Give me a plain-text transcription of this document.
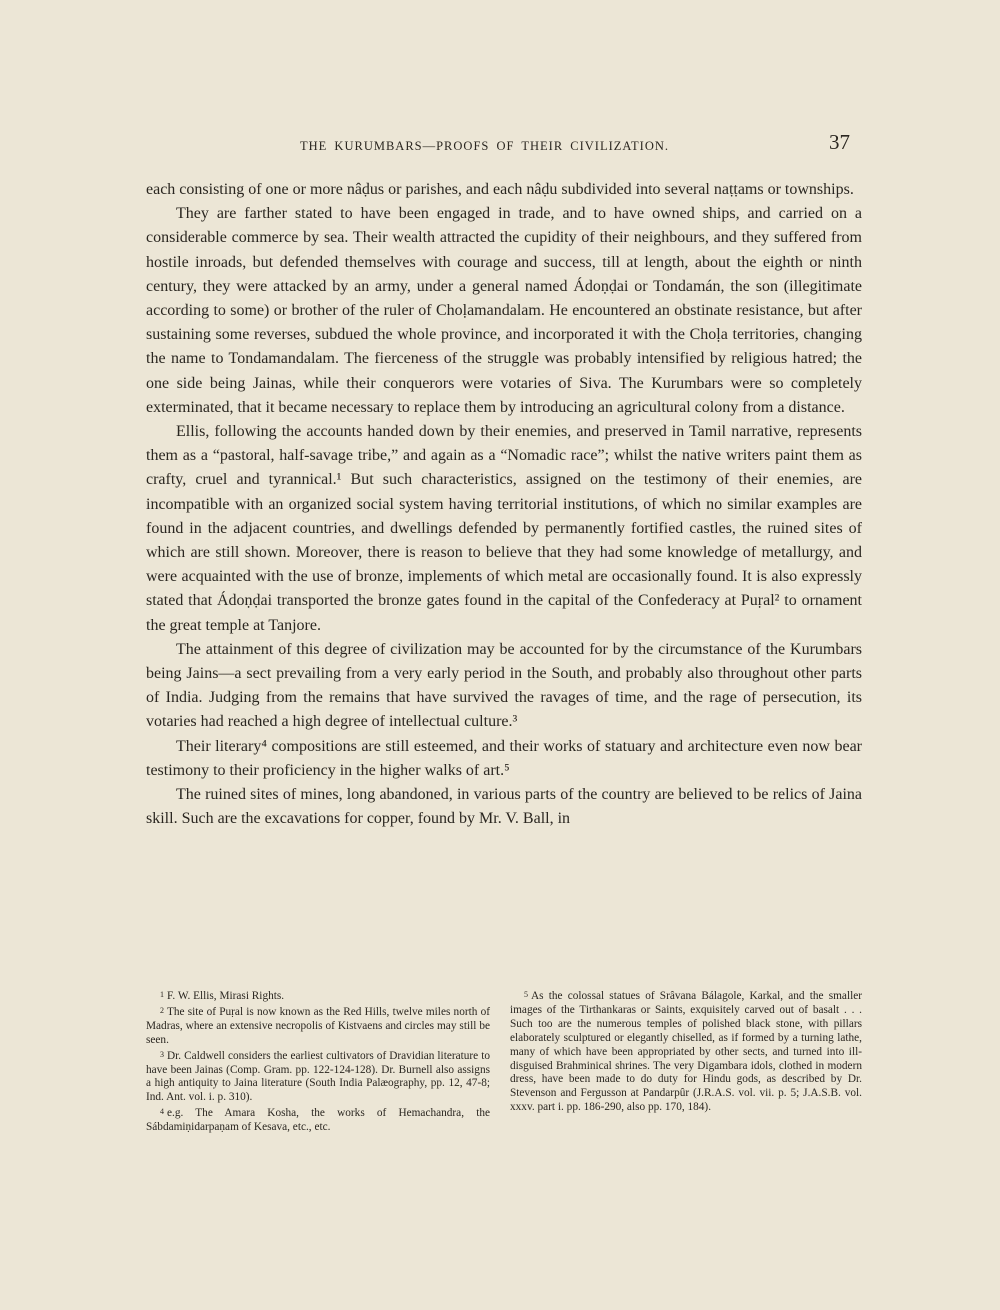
THE KURUMBARS—PROOFS OF THEIR CIVILIZATION.	37

each consisting of one or more nâḍus or parishes, and each nâḍu subdivided into several naṭṭams or townships.

They are farther stated to have been engaged in trade, and to have owned ships, and carried on a considerable commerce by sea. Their wealth attracted the cupidity of their neighbours, and they suffered from hostile inroads, but defended themselves with courage and success, till at length, about the eighth or ninth century, they were attacked by an army, under a general named Ádoṇḍai or Tondamán, the son (illegitimate according to some) or brother of the ruler of Choḷamandalam. He encountered an obstinate resistance, but after sustaining some reverses, subdued the whole province, and incorporated it with the Choḷa territories, changing the name to Tondamandalam. The fierceness of the struggle was probably intensified by religious hatred; the one side being Jainas, while their conquerors were votaries of Siva. The Kurumbars were so completely exterminated, that it became necessary to replace them by introducing an agricultural colony from a distance.

Ellis, following the accounts handed down by their enemies, and preserved in Tamil narrative, represents them as a “pastoral, half-savage tribe,” and again as a “Nomadic race”; whilst the native writers paint them as crafty, cruel and tyrannical.¹ But such characteristics, assigned on the testimony of their enemies, are incompatible with an organized social system having territorial institutions, of which no similar examples are found in the adjacent countries, and dwellings defended by permanently fortified castles, the ruined sites of which are still shown. Moreover, there is reason to believe that they had some knowledge of metallurgy, and were acquainted with the use of bronze, implements of which metal are occasionally found. It is also expressly stated that Ádoṇḍai transported the bronze gates found in the capital of the Confederacy at Puṛal² to ornament the great temple at Tanjore.

The attainment of this degree of civilization may be accounted for by the circumstance of the Kurumbars being Jains—a sect prevailing from a very early period in the South, and probably also throughout other parts of India. Judging from the remains that have survived the ravages of time, and the rage of persecution, its votaries had reached a high degree of intellectual culture.³

Their literary⁴ compositions are still esteemed, and their works of statuary and architecture even now bear testimony to their proficiency in the higher walks of art.⁵

The ruined sites of mines, long abandoned, in various parts of the country are believed to be relics of Jaina skill. Such are the excavations for copper, found by Mr. V. Ball, in

1 F. W. Ellis, Mirasi Rights.

2 The site of Puṛal is now known as the Red Hills, twelve miles north of Madras, where an extensive necropolis of Kistvaens and circles may still be seen.

3 Dr. Caldwell considers the earliest cultivators of Dravidian literature to have been Jainas (Comp. Gram. pp. 122-124-128). Dr. Burnell also assigns a high antiquity to Jaina literature (South India Palæography, pp. 12, 47-8; Ind. Ant. vol. i. p. 310).

4 e.g. The Amara Kosha, the works of Hemachandra, the Sábdamiṇidarpaṇam of Kesava, etc., etc.

5 As the colossal statues of Srâvana Bálagole, Karkal, and the smaller images of the Tirthankaras or Saints, exquisitely carved out of basalt . . . Such too are the numerous temples of polished black stone, with pillars elaborately sculptured or elegantly chiselled, as if formed by a turning lathe, many of which have been appropriated by other sects, and turned into ill-disguised Brahminical shrines. The very Digambara idols, clothed in modern dress, have been made to do duty for Hindu gods, as described by Dr. Stevenson and Fergusson at Pandarpûr (J.R.A.S. vol. vii. p. 5; J.A.S.B. vol. xxxv. part i. pp. 186-290, also pp. 170, 184).
